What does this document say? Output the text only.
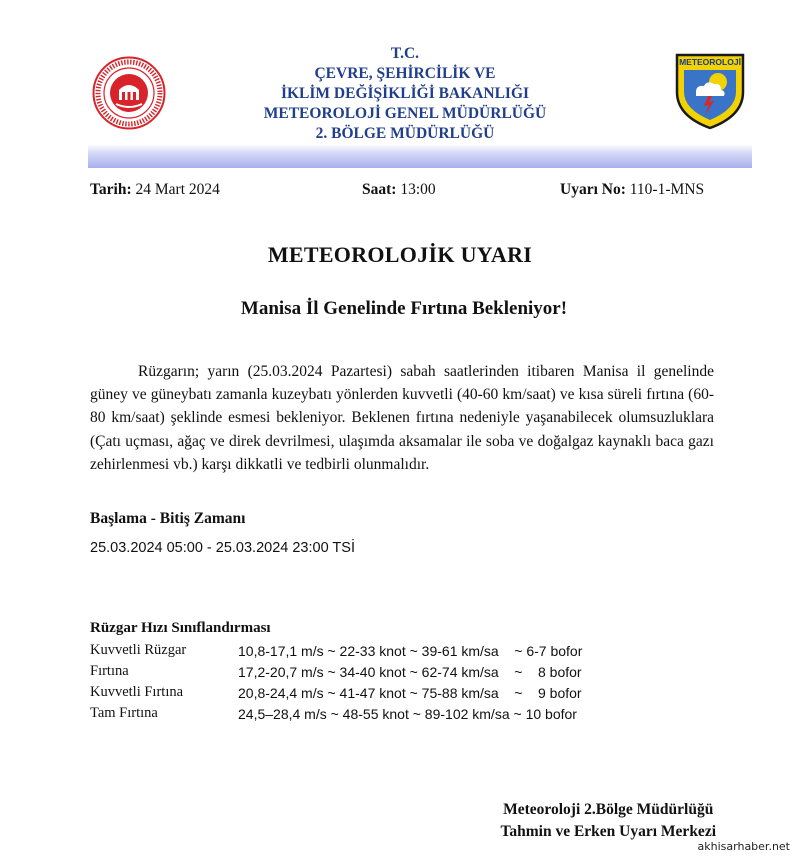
T.C.
ÇEVRE, ŞEHİRCİLİK VE
İKLİM DEĞİŞİKLİĞİ BAKANLIĞI
METEOROLOJİ GENEL MÜDÜRLÜĞÜ
2. BÖLGE MÜDÜRLÜĞÜ
METEOROLOJİ
Tarih: 24 Mart 2024	Saat: 13:00	Uyarı No: 110-1-MNS
METEOROLOJİK UYARI
Manisa İl Genelinde Fırtına Bekleniyor!

Rüzgarın; yarın (25.03.2024 Pazartesi) sabah saatlerinden itibaren Manisa il genelinde güney ve güneybatı zamanla kuzeybatı yönlerden kuvvetli (40-60 km/saat) ve kısa süreli fırtına (60-80 km/saat) şeklinde esmesi bekleniyor. Beklenen fırtına nedeniyle yaşanabilecek olumsuzluklara (Çatı uçması, ağaç ve direk devrilmesi, ulaşımda aksamalar ile soba ve doğalgaz kaynaklı baca gazı zehirlenmesi vb.) karşı dikkatli ve tedbirli olunmalıdır.

Başlama - Bitiş Zamanı
25.03.2024 05:00 - 25.03.2024 23:00 TSİ
Rüzgar Hızı Sınıflandırması
Kuvvetli Rüzgar	10,8-17,1 m/s ~ 22-33 knot ~ 39-61 km/sa    ~ 6-7 bofor
Fırtına	17,2-20,7 m/s ~ 34-40 knot ~ 62-74 km/sa    ~    8 bofor
Kuvvetli Fırtına	20,8-24,4 m/s ~ 41-47 knot ~ 75-88 km/sa    ~    9 bofor
Tam Fırtına	24,5–28,4 m/s ~ 48-55 knot ~ 89-102 km/sa ~ 10 bofor
Meteoroloji 2.Bölge Müdürlüğü
Tahmin ve Erken Uyarı Merkezi
akhisarhaber.net
